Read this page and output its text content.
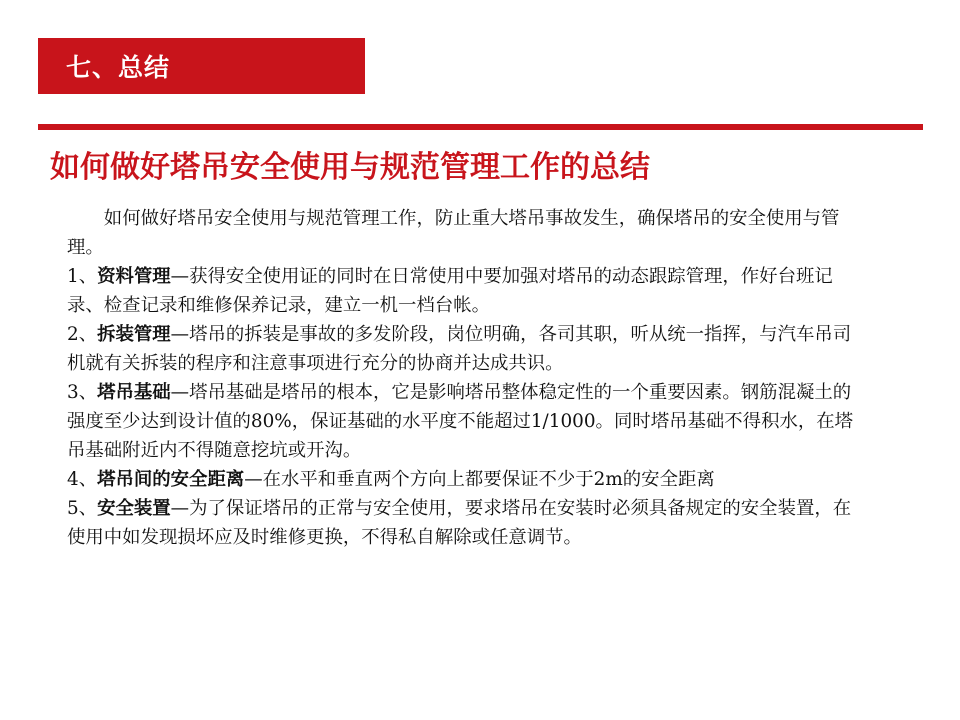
七、总结
如何做好塔吊安全使用与规范管理工作的总结

如何做好塔吊安全使用与规范管理工作，防止重大塔吊事故发生，确保塔吊的安全使用与管理。

1、资料管理—获得安全使用证的同时在日常使用中要加强对塔吊的动态跟踪管理，作好台班记录、检查记录和维修保养记录，建立一机一档台帐。

2、拆装管理—塔吊的拆装是事故的多发阶段，岗位明确，各司其职，听从统一指挥，与汽车吊司机就有关拆装的程序和注意事项进行充分的协商并达成共识。

3、塔吊基础—塔吊基础是塔吊的根本，它是影响塔吊整体稳定性的一个重要因素。钢筋混凝土的强度至少达到设计值的80%，保证基础的水平度不能超过1/1000。同时塔吊基础不得积水，在塔吊基础附近内不得随意挖坑或开沟。

4、塔吊间的安全距离—在水平和垂直两个方向上都要保证不少于2m的安全距离

5、安全装置—为了保证塔吊的正常与安全使用，要求塔吊在安装时必须具备规定的安全装置，在使用中如发现损坏应及时维修更换，不得私自解除或任意调节。
